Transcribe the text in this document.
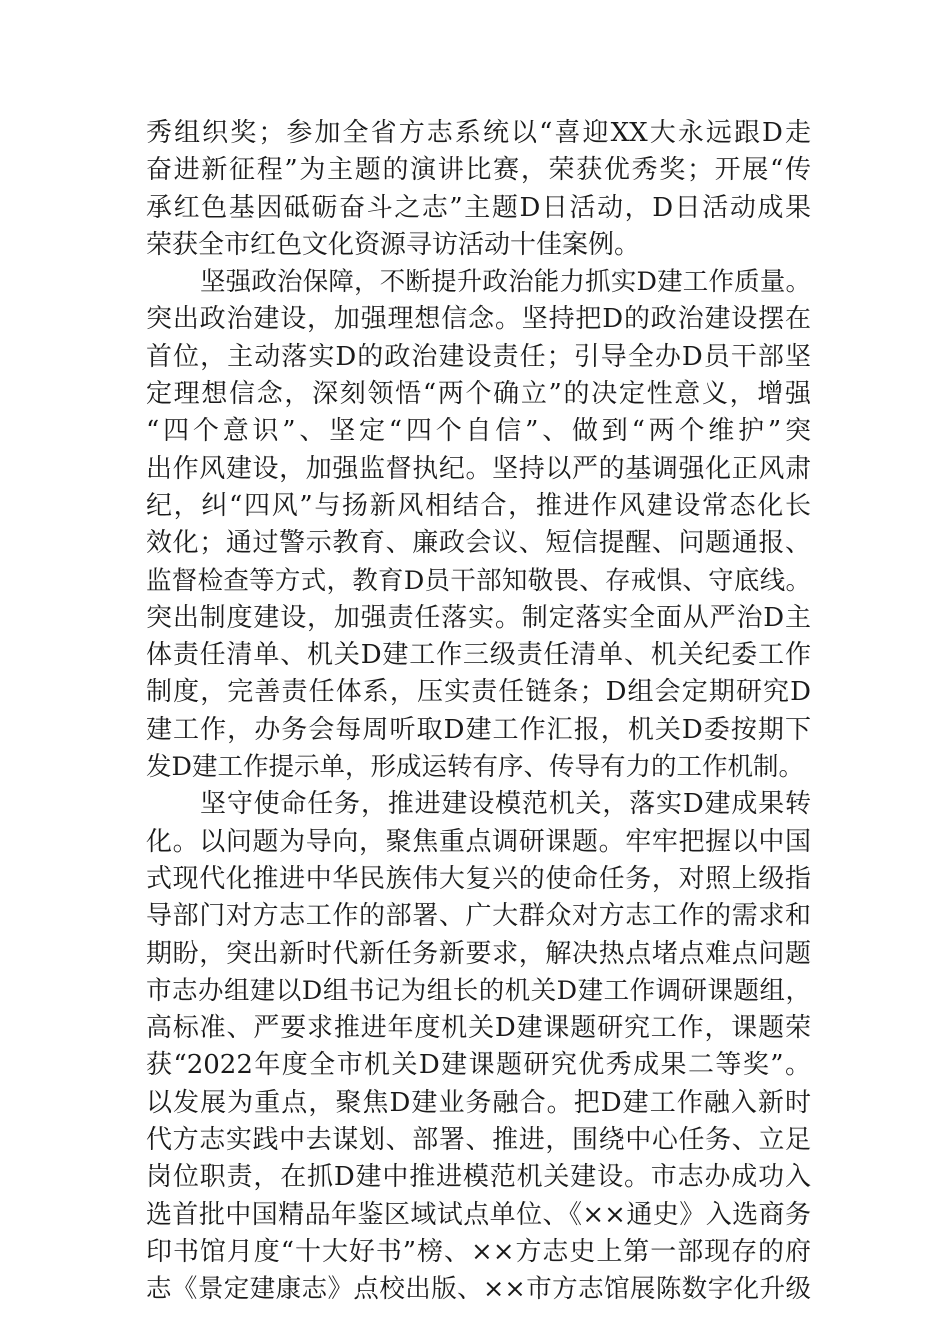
秀组织奖；参加全省方志系统以“喜迎XX大永远跟D走
奋进新征程”为主题的演讲比赛，荣获优秀奖；开展“传
承红色基因砥砺奋斗之志”主题D日活动，D日活动成果
荣获全市红色文化资源寻访活动十佳案例。
坚强政治保障，不断提升政治能力抓实D建工作质量。
突出政治建设，加强理想信念。坚持把D的政治建设摆在
首位，主动落实D的政治建设责任；引导全办D员干部坚
定理想信念，深刻领悟“两个确立”的决定性意义，增强
“四个意识”、坚定“四个自信”、做到“两个维护”突
出作风建设，加强监督执纪。坚持以严的基调强化正风肃
纪，纠“四风”与扬新风相结合，推进作风建设常态化长
效化；通过警示教育、廉政会议、短信提醒、问题通报、
监督检查等方式，教育D员干部知敬畏、存戒惧、守底线。
突出制度建设，加强责任落实。制定落实全面从严治D主
体责任清单、机关D建工作三级责任清单、机关纪委工作
制度，完善责任体系，压实责任链条；D组会定期研究D
建工作，办务会每周听取D建工作汇报，机关D委按期下
发D建工作提示单，形成运转有序、传导有力的工作机制。
坚守使命任务，推进建设模范机关，落实D建成果转
化。以问题为导向，聚焦重点调研课题。牢牢把握以中国
式现代化推进中华民族伟大复兴的使命任务，对照上级指
导部门对方志工作的部署、广大群众对方志工作的需求和
期盼，突出新时代新任务新要求，解决热点堵点难点问题
市志办组建以D组书记为组长的机关D建工作调研课题组，
高标准、严要求推进年度机关D建课题研究工作，课题荣
获“2022年度全市机关D建课题研究优秀成果二等奖”。
以发展为重点，聚焦D建业务融合。把D建工作融入新时
代方志实践中去谋划、部署、推进，围绕中心任务、立足
岗位职责，在抓D建中推进模范机关建设。市志办成功入
选首批中国精品年鉴区域试点单位、《××通史》入选商务
印书馆月度“十大好书”榜、××方志史上第一部现存的府
志《景定建康志》点校出版、××市方志馆展陈数字化升级
